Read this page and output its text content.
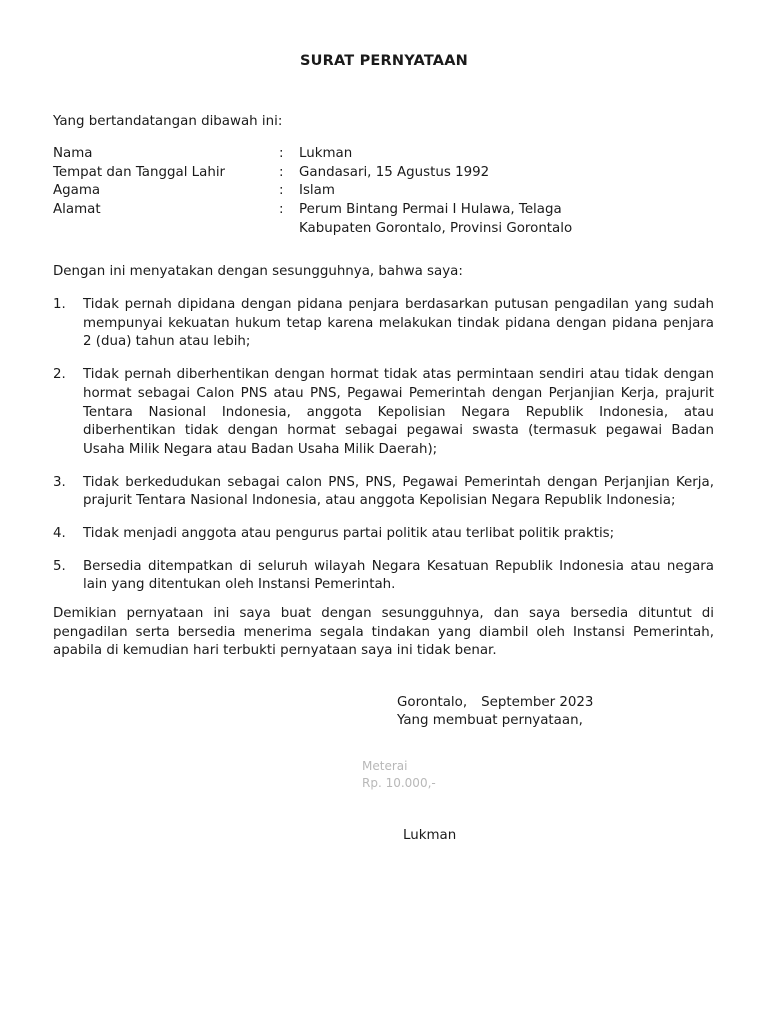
SURAT PERNYATAAN
Yang bertandatangan dibawah ini:
Nama	:	Lukman
Tempat dan Tanggal Lahir	:	Gandasari, 15 Agustus 1992
Agama	:	Islam
Alamat	:	Perum Bintang Permai I Hulawa, Telaga
Kabupaten Gorontalo, Provinsi Gorontalo
Dengan ini menyatakan dengan sesungguhnya, bahwa saya:
1.	Tidak pernah dipidana dengan pidana penjara berdasarkan putusan pengadilan yang sudah mempunyai kekuatan hukum tetap karena melakukan tindak pidana dengan pidana penjara 2 (dua) tahun atau lebih;
2.	Tidak pernah diberhentikan dengan hormat tidak atas permintaan sendiri atau tidak dengan hormat sebagai Calon PNS atau PNS, Pegawai Pemerintah dengan Perjanjian Kerja, prajurit Tentara Nasional Indonesia, anggota Kepolisian Negara Republik Indonesia, atau diberhentikan tidak dengan hormat sebagai pegawai swasta (termasuk pegawai Badan Usaha Milik Negara atau Badan Usaha Milik Daerah);
3.	Tidak berkedudukan sebagai calon PNS, PNS, Pegawai Pemerintah dengan Perjanjian Kerja, prajurit Tentara Nasional Indonesia, atau anggota Kepolisian Negara Republik Indonesia;
4.	Tidak menjadi anggota atau pengurus partai politik atau terlibat politik praktis;
5.	Bersedia ditempatkan di seluruh wilayah Negara Kesatuan Republik Indonesia atau negara lain yang ditentukan oleh Instansi Pemerintah.
Demikian pernyataan ini saya buat dengan sesungguhnya, dan saya bersedia dituntut di pengadilan serta bersedia menerima segala tindakan yang diambil oleh Instansi Pemerintah, apabila di kemudian hari terbukti pernyataan saya ini tidak benar.
Gorontalo, September 2023
Yang membuat pernyataan,
Meterai
Rp. 10.000,-
Lukman
